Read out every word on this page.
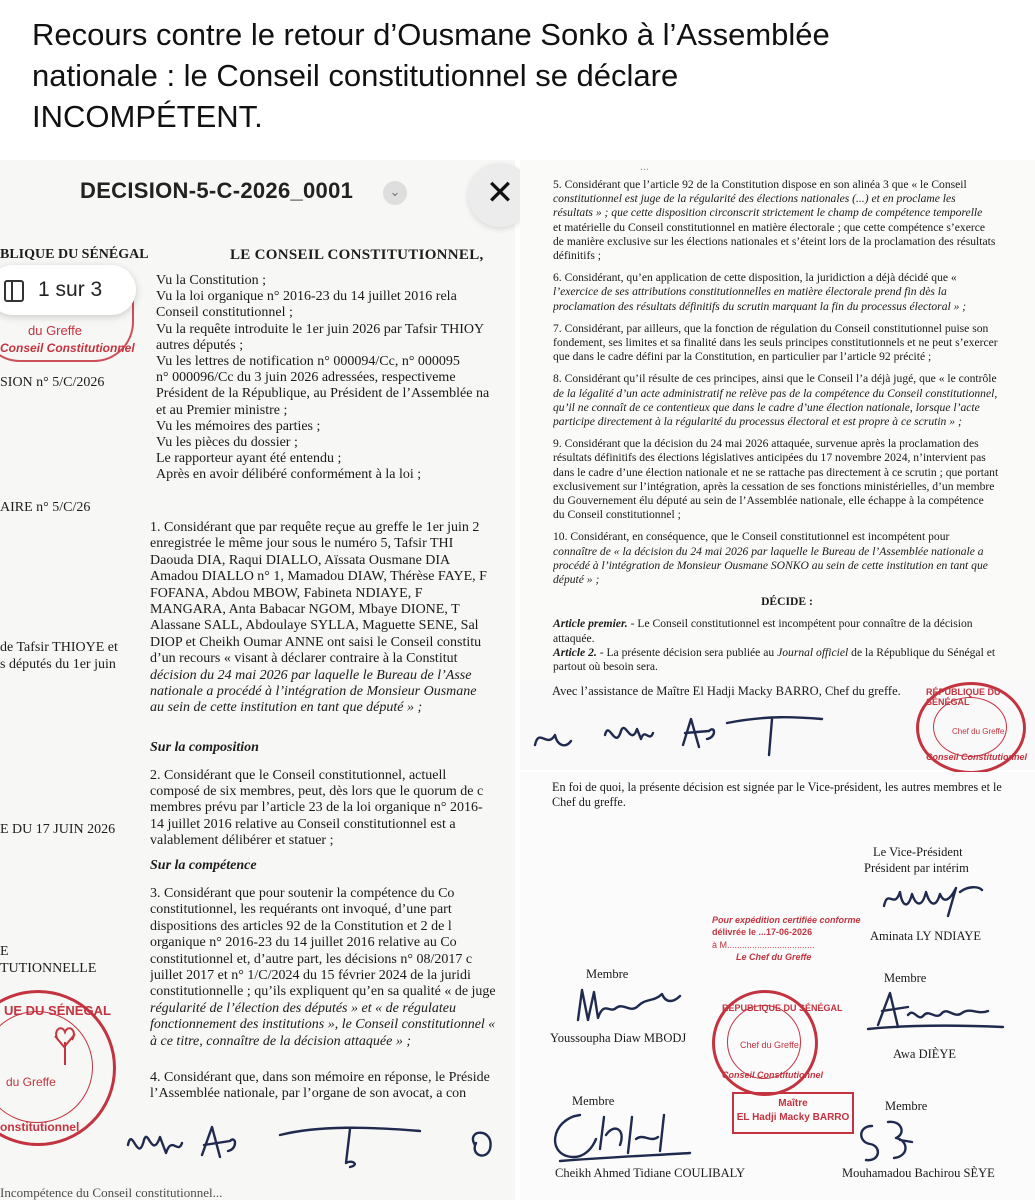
Recours contre le retour d’Ousmane Sonko à l’Assemblée
nationale : le Conseil constitutionnel se déclare
INCOMPÉTENT.
DECISION-5-C-2026_0001	⌄	✕
BLIQUE DU SÉNÉGAL	LE CONSEIL CONSTITUTIONNEL,
du Greffe
Conseil Constitutionnel
1 sur 3
SION n° 5/C/2026
AIRE n° 5/C/26
de Tafsir THIOYE et
s députés du 1er juin
E DU 17 JUIN 2026
E
TUTIONNELLE

Vu la Constitution ;

Vu la loi organique n° 2016-23 du 14 juillet 2016 rela

Conseil constitutionnel ;

Vu la requête introduite le 1er juin 2026 par Tafsir THIOY

autres députés ;

Vu les lettres de notification n° 000094/Cc, n° 000095

n° 000096/Cc du 3 juin 2026 adressées, respectiveme

Président de la République, au Président de l’Assemblée na

et au Premier ministre ;

Vu les mémoires des parties ;

Vu les pièces du dossier ;

Le rapporteur ayant été entendu ;

Après en avoir délibéré conformément à la loi ;

1. Considérant que par requête reçue au greffe le 1er juin 2

enregistrée le même jour sous le numéro 5, Tafsir THI

Daouda DIA, Raqui DIALLO, Aïssata Ousmane DIA

Amadou DIALLO n° 1, Mamadou DIAW, Thérèse FAYE, F

FOFANA, Abdou MBOW, Fabineta NDIAYE, F

MANGARA, Anta Babacar NGOM, Mbaye DIONE, T

Alassane SALL, Abdoulaye SYLLA, Maguette SENE, Sal

DIOP et Cheikh Oumar ANNE ont saisi le Conseil constitu

d’un recours « visant à déclarer contraire à la Constitut

décision du 24 mai 2026 par laquelle le Bureau de l’Asse

nationale a procédé à l’intégration de Monsieur Ousmane

au sein de cette institution en tant que député » ;

Sur la composition

2. Considérant que le Conseil constitutionnel, actuell

composé de six membres, peut, dès lors que le quorum de c

membres prévu par l’article 23 de la loi organique n° 2016-

14 juillet 2016 relative au Conseil constitutionnel est a

valablement délibérer et statuer ;

Sur la compétence

3. Considérant que pour soutenir la compétence du Co

constitutionnel, les requérants ont invoqué, d’une part

dispositions des articles 92 de la Constitution et 2 de l

organique n° 2016-23 du 14 juillet 2016 relative au Co

constitutionnel et, d’autre part, les décisions n° 08/2017 c

juillet 2017 et n° 1/C/2024 du 15 février 2024 de la juridi

constitutionnelle ; qu’ils expliquent qu’en sa qualité « de juge

régularité de l’élection des députés » et « de régulateu

fonctionnement des institutions », le Conseil constitutionnel «

à ce titre, connaître de la décision attaquée » ;

4. Considérant que, dans son mémoire en réponse, le Préside

l’Assemblée nationale, par l’organe de son avocat, a con

UE DU SÉNÉGAL
du Greffe
onstitutionnel
Incompétence du Conseil constitutionnel...
...

5. Considérant que l’article 92 de la Constitution dispose en son alinéa 3 que « le Conseil

constitutionnel est juge de la régularité des élections nationales (...) et en proclame les

résultats » ; que cette disposition circonscrit strictement le champ de compétence temporelle

et matérielle du Conseil constitutionnel en matière électorale ; que cette compétence s’exerce

de manière exclusive sur les élections nationales et s’éteint lors de la proclamation des résultats

définitifs ;

6. Considérant, qu’en application de cette disposition, la juridiction a déjà décidé que «

l’exercice de ses attributions constitutionnelles en matière électorale prend fin dès la

proclamation des résultats définitifs du scrutin marquant la fin du processus électoral » ;

7. Considérant, par ailleurs, que la fonction de régulation du Conseil constitutionnel puise son

fondement, ses limites et sa finalité dans les seuls principes constitutionnels et ne peut s’exercer

que dans le cadre défini par la Constitution, en particulier par l’article 92 précité ;

8. Considérant qu’il résulte de ces principes, ainsi que le Conseil l’a déjà jugé, que « le contrôle

de la légalité d’un acte administratif ne relève pas de la compétence du Conseil constitutionnel,

qu’il ne connaît de ce contentieux que dans le cadre d’une élection nationale, lorsque l’acte

participe directement à la régularité du processus électoral et est propre à ce scrutin » ;

9. Considérant que la décision du 24 mai 2026 attaquée, survenue après la proclamation des

résultats définitifs des élections législatives anticipées du 17 novembre 2024, n’intervient pas

dans le cadre d’une élection nationale et ne se rattache pas directement à ce scrutin ; que portant

exclusivement sur l’intégration, après la cessation de ses fonctions ministérielles, d’un membre

du Gouvernement élu député au sein de l’Assemblée nationale, elle échappe à la compétence

du Conseil constitutionnel ;

10. Considérant, en conséquence, que le Conseil constitutionnel est incompétent pour

connaître de « la décision du 24 mai 2026 par laquelle le Bureau de l’Assemblée nationale a

procédé à l’intégration de Monsieur Ousmane SONKO au sein de cette institution en tant que

député » ;

DÉCIDE :

Article premier. - Le Conseil constitutionnel est incompétent pour connaître de la décision

attaquée.

Article 2. - La présente décision sera publiée au Journal officiel de la République du Sénégal et

partout où besoin sera.

Avec l’assistance de Maître El Hadji Macky BARRO, Chef du greffe.	RÉPUBLIQUE DU SÉNÉGAL
Chef du Greffe
Conseil Constitutionnel

En foi de quoi, la présente décision est signée par le Vice-président, les autres membres et le

Chef du greffe.

Le Vice-Président
Président par intérim
Aminata LY NDIAYE
Pour expédition certifiée conforme
délivrée le ...17-06-2026
à M...................................
Le Chef du Greffe
Membre
Youssoupha Diaw MBODJ
Membre
Awa DIÈYE
RÉPUBLIQUE DU SÉNÉGAL
Chef du Greffe
Conseil Constitutionnel
Maître
EL Hadji Macky BARRO
Membre
Cheikh Ahmed Tidiane COULIBALY
Membre
Mouhamadou Bachirou SÈYE
